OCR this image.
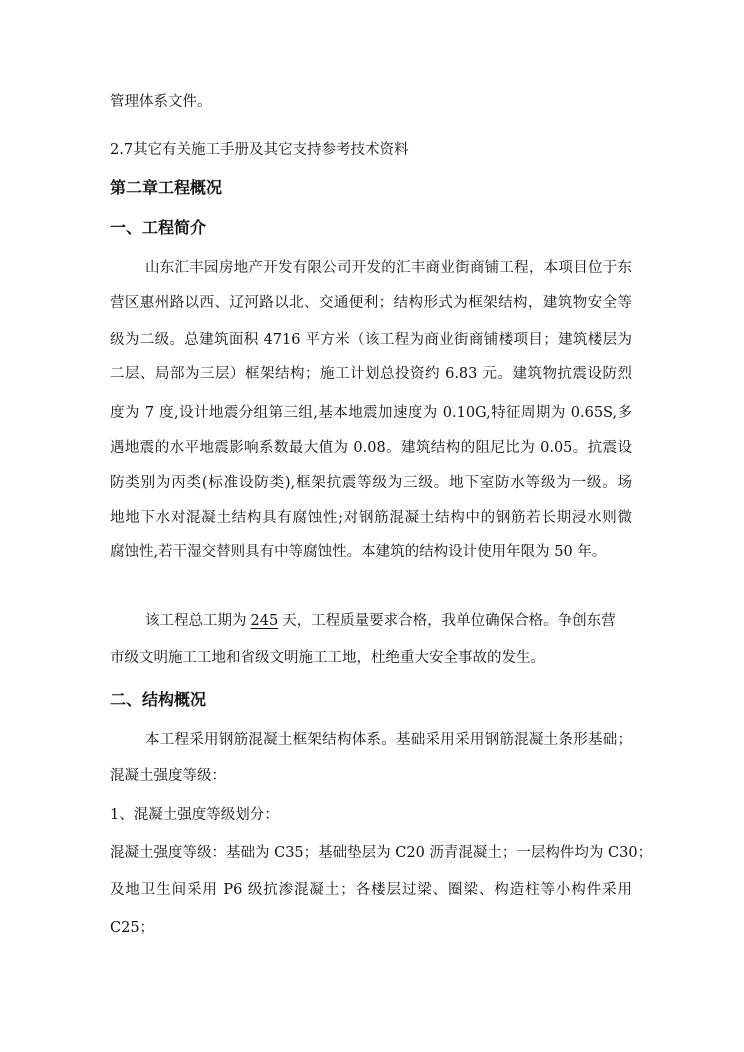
管理体系文件。
2.7其它有关施工手册及其它支持参考技术资料
第二章工程概况
一、工程简介
山东汇丰园房地产开发有限公司开发的汇丰商业街商铺工程，本项目位于东
营区惠州路以西、辽河路以北、交通便利；结构形式为框架结构，建筑物安全等
级为二级。总建筑面积 4716 平方米（该工程为商业街商铺楼项目；建筑楼层为
二层、局部为三层）框架结构；施工计划总投资约 6.83 元。建筑物抗震设防烈
度为 7 度,设计地震分组第三组,基本地震加速度为 0.10G,特征周期为 0.65S,多
遇地震的水平地震影响系数最大值为 0.08。建筑结构的阻尼比为 0.05。抗震设
防类别为丙类(标准设防类),框架抗震等级为三级。地下室防水等级为一级。场
地地下水对混凝土结构具有腐蚀性;对钢筋混凝土结构中的钢筋若长期浸水则微
腐蚀性,若干湿交替则具有中等腐蚀性。本建筑的结构设计使用年限为 50 年。
该工程总工期为 245 天，工程质量要求合格，我单位确保合格。争创东营
市级文明施工工地和省级文明施工工地，杜绝重大安全事故的发生。
二、结构概况
本工程采用钢筋混凝土框架结构体系。基础采用采用钢筋混凝土条形基础；
混凝土强度等级：
1、混凝土强度等级划分：
混凝土强度等级：基础为 C35；基础垫层为 C20 沥青混凝土；一层构件均为 C30；
及地卫生间采用 P6 级抗渗混凝土；各楼层过梁、圈梁、构造柱等小构件采用
C25；
